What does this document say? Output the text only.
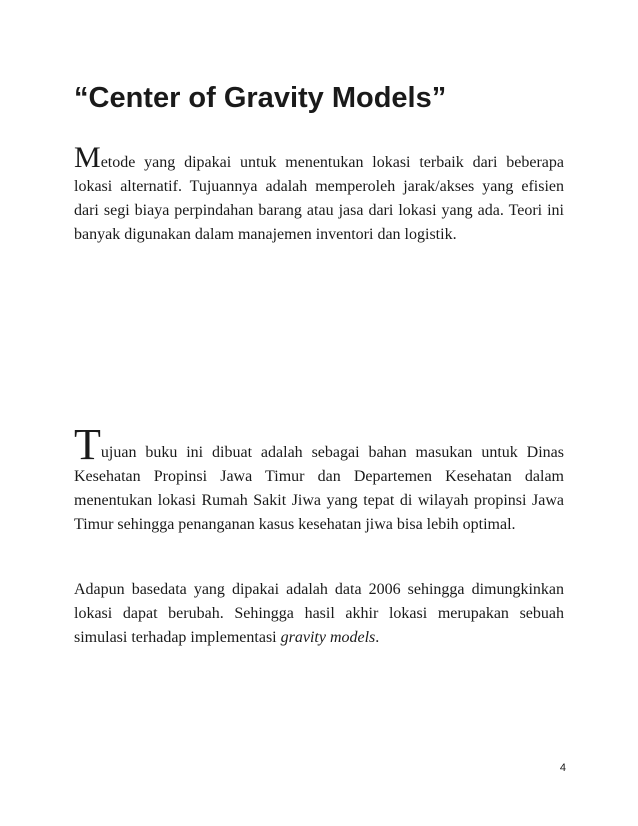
“Center of Gravity Models”

Metode yang dipakai untuk menentukan lokasi terbaik dari beberapa lokasi alternatif. Tujuannya adalah memperoleh jarak/akses yang efisien dari segi biaya perpindahan barang atau jasa dari lokasi yang ada. Teori ini banyak digunakan dalam manajemen inventori dan logistik.

Tujuan buku ini dibuat adalah sebagai bahan masukan untuk Dinas Kesehatan Propinsi Jawa Timur dan Departemen Kesehatan dalam menentukan lokasi Rumah Sakit Jiwa yang tepat di wilayah propinsi Jawa Timur sehingga penanganan kasus kesehatan jiwa bisa lebih optimal.

Adapun basedata yang dipakai adalah data 2006 sehingga dimungkinkan lokasi dapat berubah. Sehingga hasil akhir lokasi merupakan sebuah simulasi terhadap implementasi gravity models.

4
